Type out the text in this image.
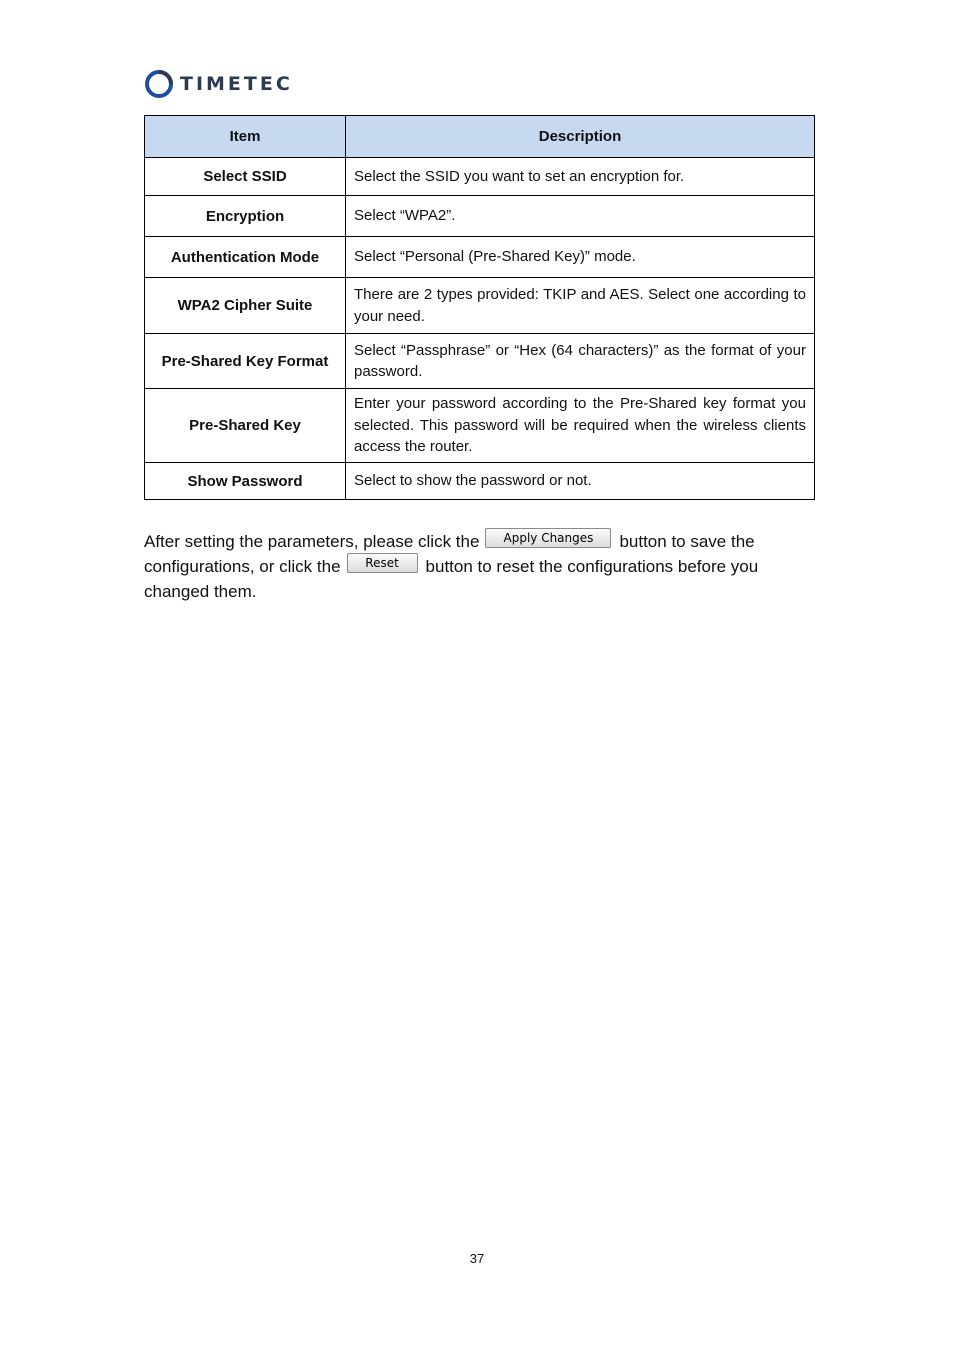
TIMETEC
Item	Description
Select SSID	Select the SSID you want to set an encryption for.
Encryption	Select “WPA2”.
Authentication Mode	Select “Personal (Pre-Shared Key)” mode.
WPA2 Cipher Suite	There are 2 types provided: TKIP and AES. Select one according to your need.
Pre-Shared Key Format	Select “Passphrase” or “Hex (64 characters)” as the format of your password.
Pre-Shared Key	Enter your password according to the Pre-Shared key format you selected. This password will be required when the wireless clients access the router.
Show Password	Select to show the password or not.
After setting the parameters, please click the Apply Changes button to save the configurations, or click the Reset button to reset the configurations before you changed them.
37
